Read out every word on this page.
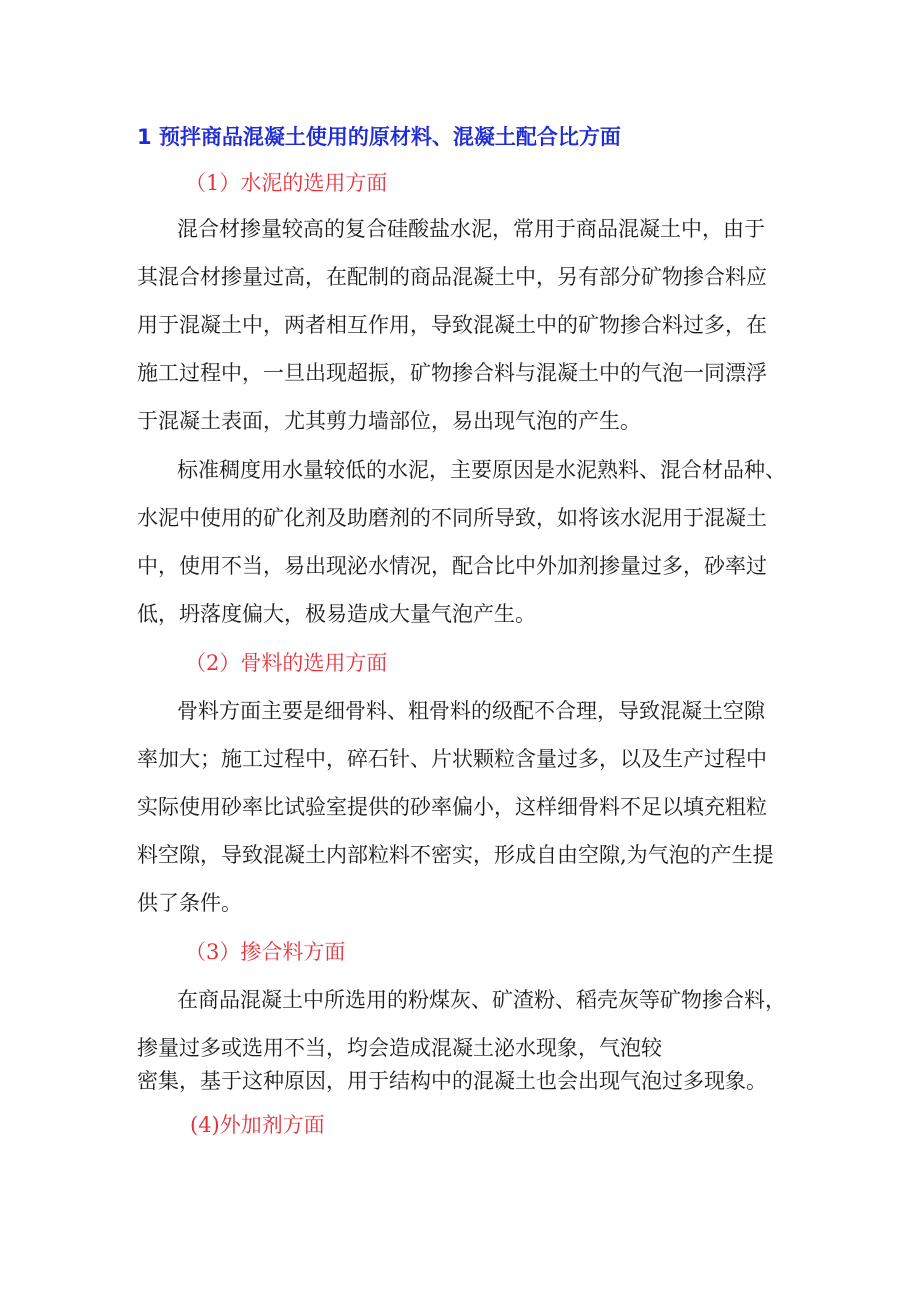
1 预拌商品混凝土使用的原材料、混凝土配合比方面
（1）水泥的选用方面
混合材掺量较高的复合硅酸盐水泥，常用于商品混凝土中，由于
其混合材掺量过高，在配制的商品混凝土中，另有部分矿物掺合料应
用于混凝土中，两者相互作用，导致混凝土中的矿物掺合料过多，在
施工过程中，一旦出现超振，矿物掺合料与混凝土中的气泡一同漂浮
于混凝土表面，尤其剪力墙部位，易出现气泡的产生。
标准稠度用水量较低的水泥，主要原因是水泥熟料、混合材品种、
水泥中使用的矿化剂及助磨剂的不同所导致，如将该水泥用于混凝土
中，使用不当，易出现泌水情况，配合比中外加剂掺量过多，砂率过
低，坍落度偏大，极易造成大量气泡产生。
（2）骨料的选用方面
骨料方面主要是细骨料、粗骨料的级配不合理，导致混凝土空隙
率加大；施工过程中，碎石针、片状颗粒含量过多，以及生产过程中
实际使用砂率比试验室提供的砂率偏小，这样细骨料不足以填充粗粒
料空隙，导致混凝土内部粒料不密实，形成自由空隙,为气泡的产生提
供了条件。
（3）掺合料方面
在商品混凝土中所选用的粉煤灰、矿渣粉、稻壳灰等矿物掺合料，
掺量过多或选用不当，均会造成混凝土泌水现象，气泡较
密集，基于这种原因，用于结构中的混凝土也会出现气泡过多现象。
(4)外加剂方面
